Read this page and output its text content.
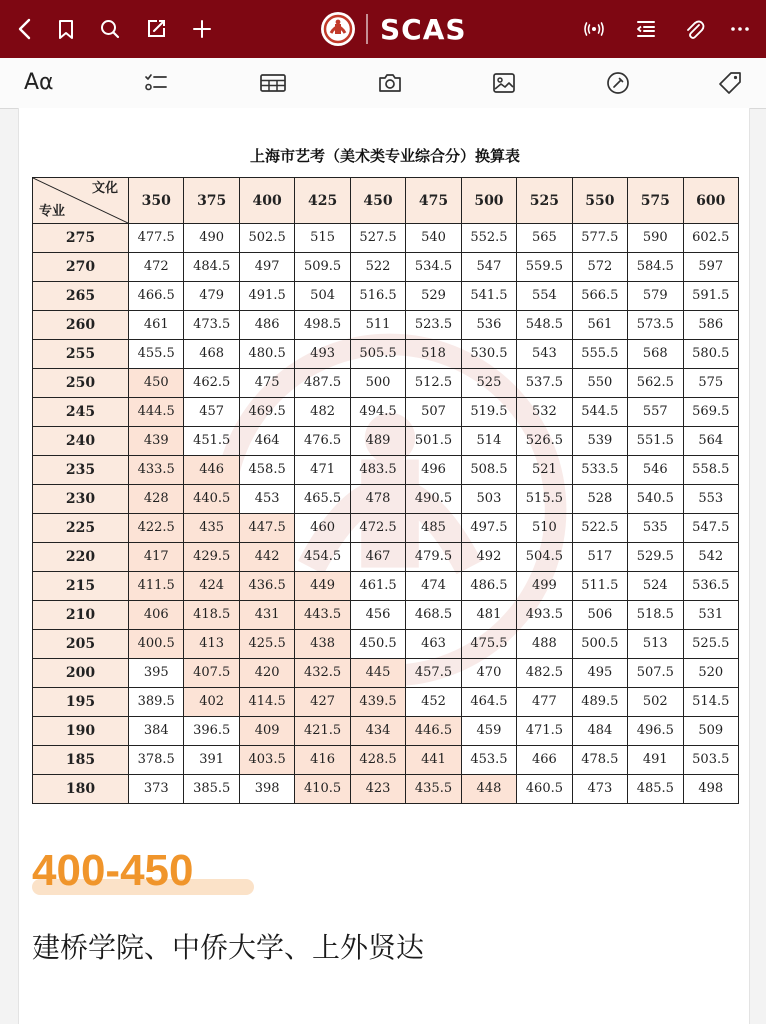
SCAS
Aα
上海市艺考（美术类专业综合分）换算表
文化
专业	350	375	400	425	450	475	500	525	550	575	600
275	477.5	490	502.5	515	527.5	540	552.5	565	577.5	590	602.5
270	472	484.5	497	509.5	522	534.5	547	559.5	572	584.5	597
265	466.5	479	491.5	504	516.5	529	541.5	554	566.5	579	591.5
260	461	473.5	486	498.5	511	523.5	536	548.5	561	573.5	586
255	455.5	468	480.5	493	505.5	518	530.5	543	555.5	568	580.5
250	450	462.5	475	487.5	500	512.5	525	537.5	550	562.5	575
245	444.5	457	469.5	482	494.5	507	519.5	532	544.5	557	569.5
240	439	451.5	464	476.5	489	501.5	514	526.5	539	551.5	564
235	433.5	446	458.5	471	483.5	496	508.5	521	533.5	546	558.5
230	428	440.5	453	465.5	478	490.5	503	515.5	528	540.5	553
225	422.5	435	447.5	460	472.5	485	497.5	510	522.5	535	547.5
220	417	429.5	442	454.5	467	479.5	492	504.5	517	529.5	542
215	411.5	424	436.5	449	461.5	474	486.5	499	511.5	524	536.5
210	406	418.5	431	443.5	456	468.5	481	493.5	506	518.5	531
205	400.5	413	425.5	438	450.5	463	475.5	488	500.5	513	525.5
200	395	407.5	420	432.5	445	457.5	470	482.5	495	507.5	520
195	389.5	402	414.5	427	439.5	452	464.5	477	489.5	502	514.5
190	384	396.5	409	421.5	434	446.5	459	471.5	484	496.5	509
185	378.5	391	403.5	416	428.5	441	453.5	466	478.5	491	503.5
180	373	385.5	398	410.5	423	435.5	448	460.5	473	485.5	498
400-450
建桥学院、中侨大学、上外贤达
